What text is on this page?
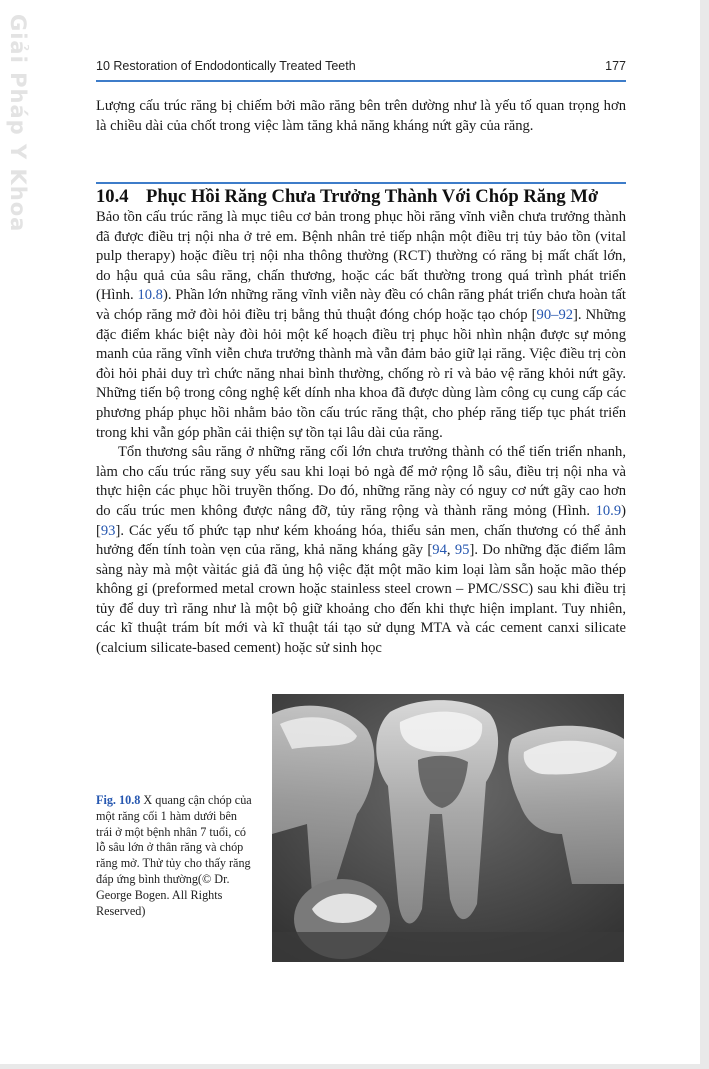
Giải Pháp Y Khoa	10 Restoration of Endodontically Treated Teeth	177

Lượng cấu trúc răng bị chiếm bởi mão răng bên trên dường như là yếu tố quan trọng hơn là chiều dài của chốt trong việc làm tăng khả năng kháng nứt gãy của răng.

10.4 Phục Hồi Răng Chưa Trưởng Thành Với Chóp Răng Mở

Bảo tồn cấu trúc răng là mục tiêu cơ bản trong phục hồi răng vĩnh viễn chưa trưởng thành đã được điều trị nội nha ở trẻ em. Bệnh nhân trẻ tiếp nhận một điều trị tủy bảo tồn (vital pulp therapy) hoặc điều trị nội nha thông thường (RCT) thường có răng bị mất chất lớn, do hậu quả của sâu răng, chấn thương, hoặc các bất thường trong quá trình phát triển (Hình. 10.8). Phần lớn những răng vĩnh viễn này đều có chân răng phát triển chưa hoàn tất và chóp răng mở đòi hỏi điều trị bằng thủ thuật đóng chóp hoặc tạo chóp [90–92]. Những đặc điểm khác biệt này đòi hỏi một kế hoạch điều trị phục hồi nhìn nhận được sự mỏng manh của răng vĩnh viễn chưa trưởng thành mà vẫn đảm bảo giữ lại răng. Việc điều trị còn đòi hỏi phải duy trì chức năng nhai bình thường, chống rò rỉ và bảo vệ răng khỏi nứt gãy. Những tiến bộ trong công nghệ kết dính nha khoa đã được dùng làm công cụ cung cấp các phương pháp phục hồi nhằm bảo tồn cấu trúc răng thật, cho phép răng tiếp tục phát triển trong khi vẫn góp phần cải thiện sự tồn tại lâu dài của răng.

Tổn thương sâu răng ở những răng cối lớn chưa trưởng thành có thể tiến triển nhanh, làm cho cấu trúc răng suy yếu sau khi loại bỏ ngà để mở rộng lỗ sâu, điều trị nội nha và thực hiện các phục hồi truyền thống. Do đó, những răng này có nguy cơ nứt gãy cao hơn do cấu trúc men không được nâng đỡ, tủy răng rộng và thành răng mỏng (Hình. 10.9) [93]. Các yếu tố phức tạp như kém khoáng hóa, thiểu sản men, chấn thương có thể ảnh hưởng đến tính toàn vẹn của răng, khả năng kháng gãy [94, 95]. Do những đặc điểm lâm sàng này mà một vàitác giả đã ủng hộ việc đặt một mão kim loại làm sẵn hoặc mão thép không gỉ (preformed metal crown hoặc stainless steel crown – PMC/SSC) sau khi điều trị tủy để duy trì răng như là một bộ giữ khoảng cho đến khi thực hiện implant. Tuy nhiên, các kĩ thuật trám bít mới và kĩ thuật tái tạo sử dụng MTA và các cement canxi silicate (calcium silicate-based cement) hoặc sử sinh học

Fig. 10.8 X quang cận chóp của một răng cối 1 hàm dưới bên trái ở một bệnh nhân 7 tuổi, có lỗ sâu lớn ở thân răng và chóp răng mở. Thử tủy cho thấy răng đáp ứng bình thường(© Dr. George Bogen. All Rights Reserved)
